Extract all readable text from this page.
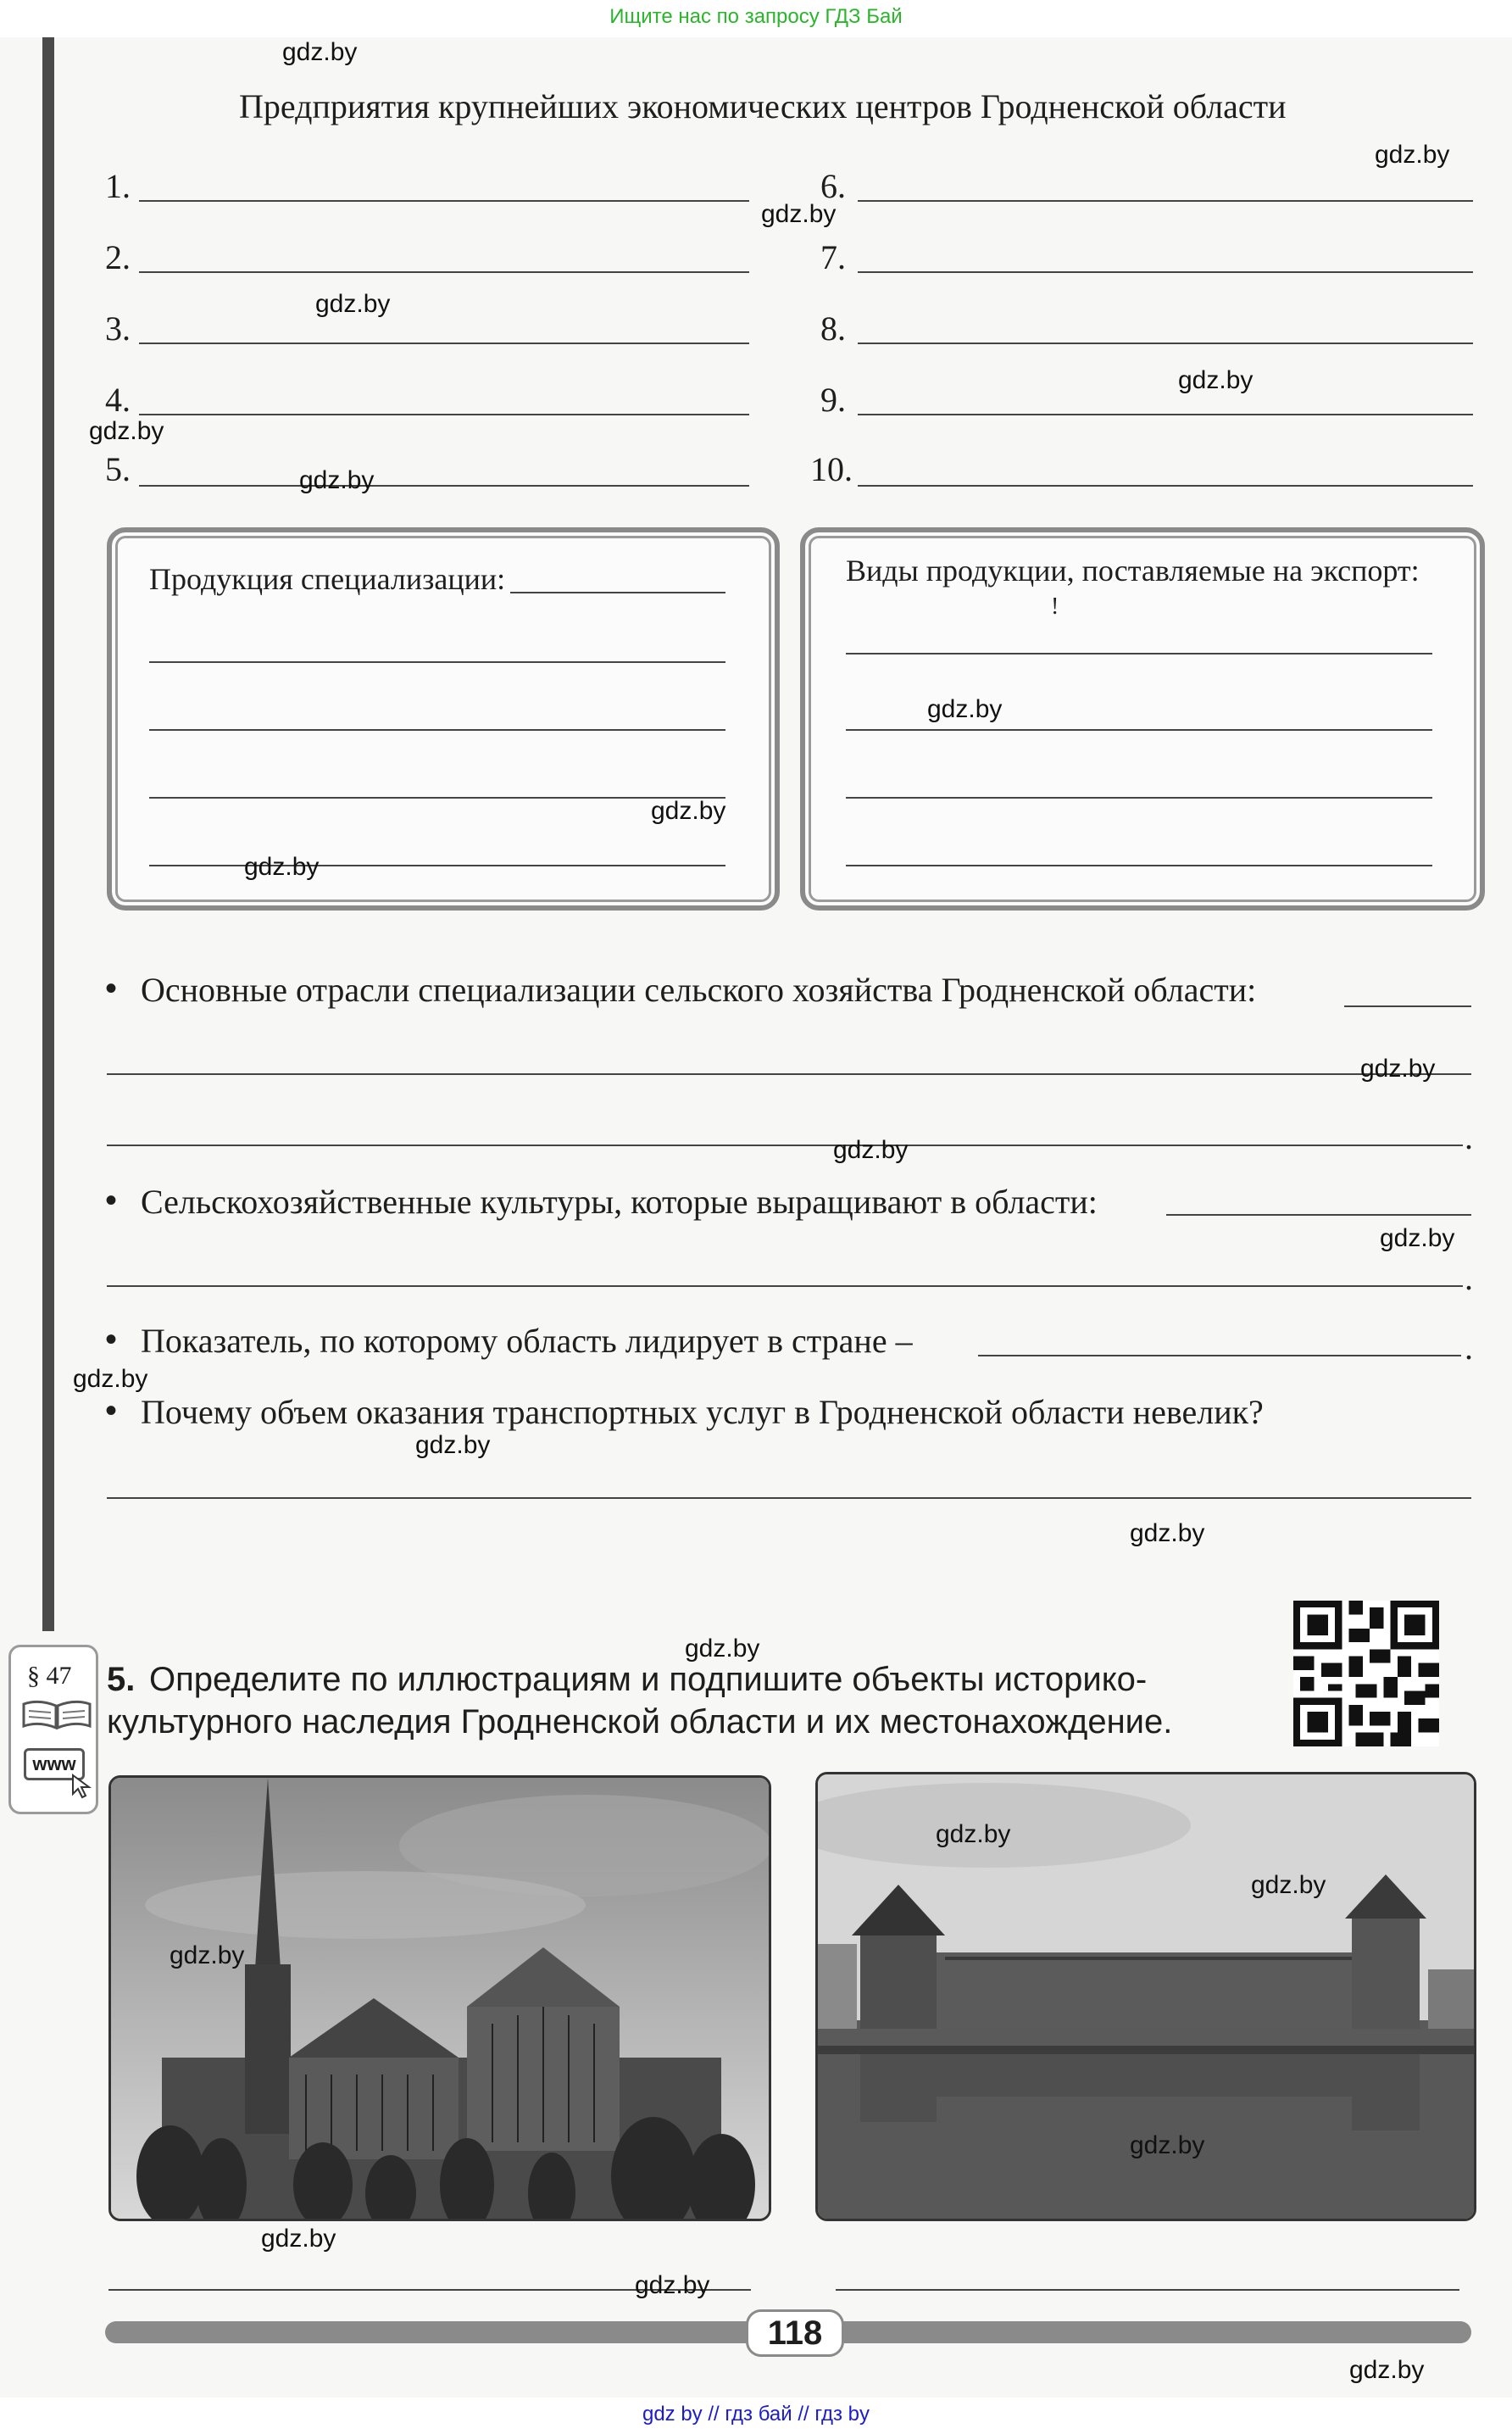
Ищите нас по запросу ГДЗ Бай
Предприятия крупнейших экономических центров Гродненской области
1.
2.
3.
4.
5.
6.
7.
8.
9.
10.
Продукция специализации:	Виды продукции, поставляемые на экспорт:
!
• Основные отрасли специализации сельского хозяйства Гродненской области:
.
• Сельскохозяйственные культуры, которые выращивают в области:
.
• Показатель, по которому область лидирует в стране –	.
• Почему объем оказания транспортных услуг в Гродненской области невелик?
§ 47
www
5. Определите по иллюстрациям и подпишите объекты историко-
культурного наследия Гродненской области и их местонахождение.
118
gdz.by
gdz.by
gdz.by
gdz.by
gdz.by
gdz.by
gdz.by
gdz.by
gdz.by
gdz.by
gdz.by
gdz.by
gdz.by
gdz.by
gdz.by
gdz.by
gdz.by
gdz.by
gdz.by
gdz.by
gdz.by
gdz.by
gdz.by
gdz.by
gdz by // гдз бай // гдз by
